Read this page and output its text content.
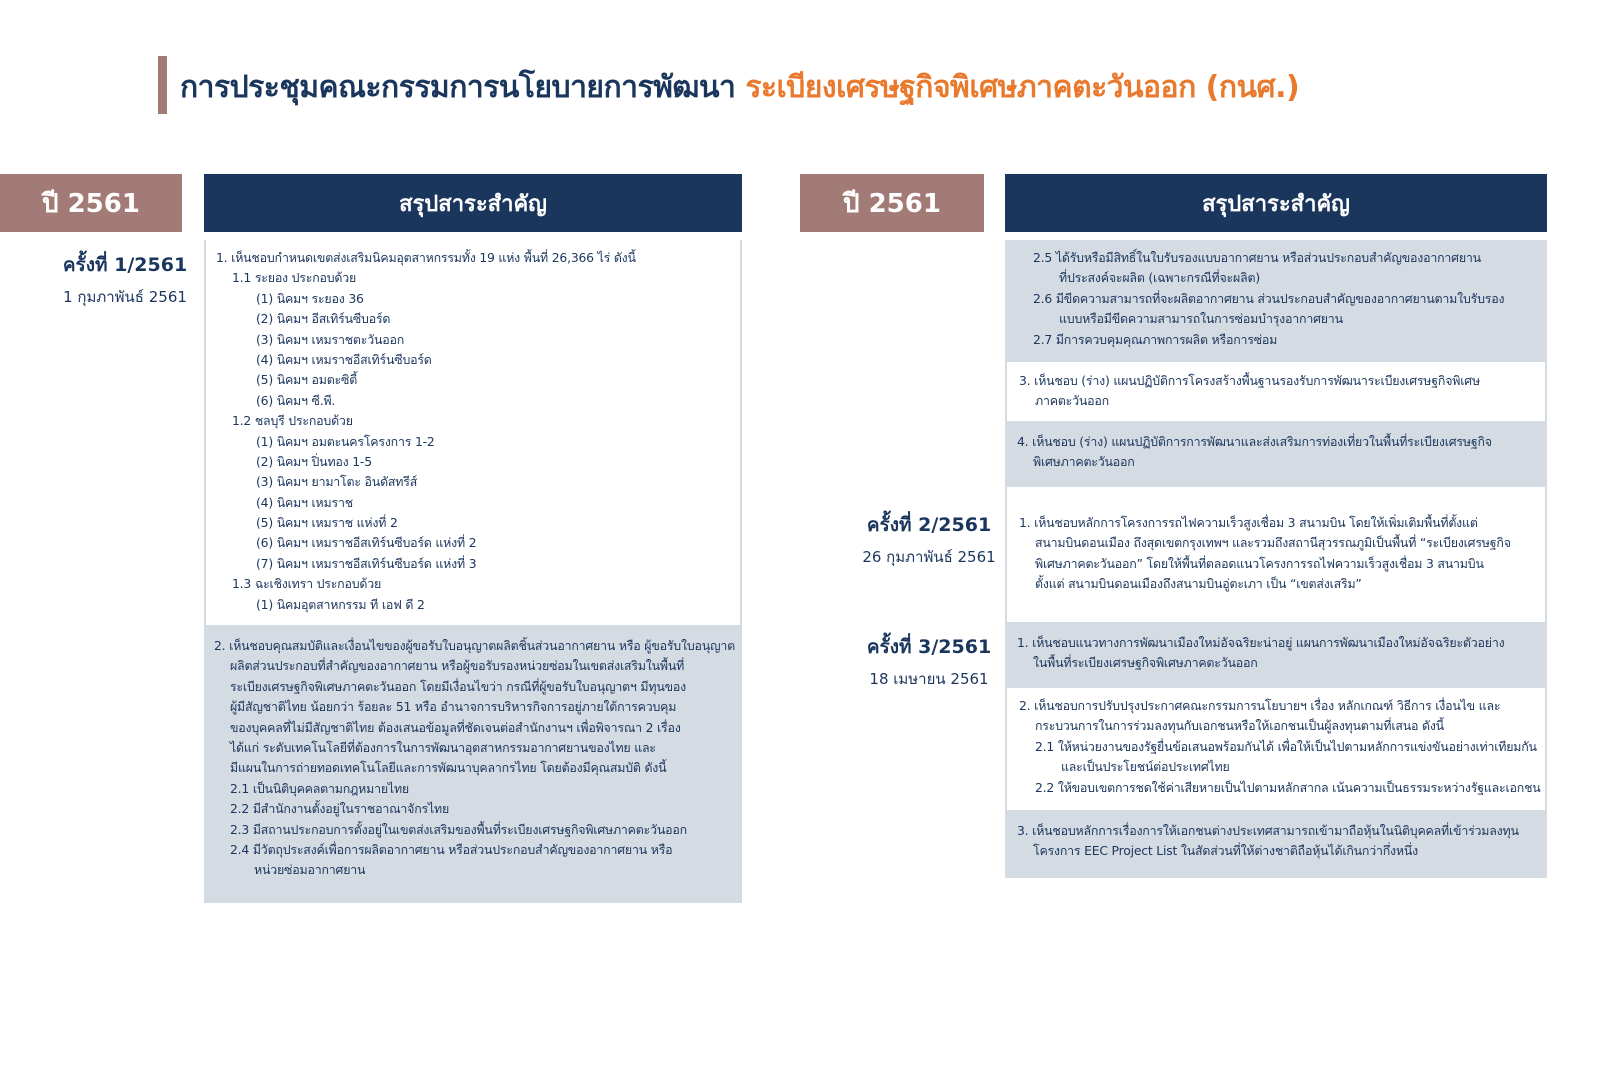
การประชุมคณะกรรมการนโยบายการพัฒนา ระเบียงเศรษฐกิจพิเศษภาคตะวันออก (กนศ.)
ปี 2561	สรุปสาระสำคัญ
ครั้งที่ 1/2561
1 กุมภาพันธ์ 2561
1. เห็นชอบกำหนดเขตส่งเสริมนิคมอุตสาหกรรมทั้ง 19 แห่ง พื้นที่ 26,366 ไร่ ดังนี้
1.1 ระยอง ประกอบด้วย
(1) นิคมฯ ระยอง 36
(2) นิคมฯ อีสเทิร์นซีบอร์ด
(3) นิคมฯ เหมราชตะวันออก
(4) นิคมฯ เหมราชอีสเทิร์นซีบอร์ด
(5) นิคมฯ อมตะซิตี้
(6) นิคมฯ ซี.พี.
1.2 ชลบุรี ประกอบด้วย
(1) นิคมฯ อมตะนครโครงการ 1-2
(2) นิคมฯ ปิ่นทอง 1-5
(3) นิคมฯ ยามาโตะ อินดัสทรีส์
(4) นิคมฯ เหมราช
(5) นิคมฯ เหมราช แห่งที่ 2
(6) นิคมฯ เหมราชอีสเทิร์นซีบอร์ด แห่งที่ 2
(7) นิคมฯ เหมราชอีสเทิร์นซีบอร์ด แห่งที่ 3
1.3 ฉะเชิงเทรา ประกอบด้วย
(1) นิคมอุตสาหกรรม ที เอฟ ดี 2
2. เห็นชอบคุณสมบัติและเงื่อนไขของผู้ขอรับใบอนุญาตผลิตชิ้นส่วนอากาศยาน หรือ ผู้ขอรับใบอนุญาต
ผลิตส่วนประกอบที่สำคัญของอากาศยาน หรือผู้ขอรับรองหน่วยซ่อมในเขตส่งเสริมในพื้นที่
ระเบียงเศรษฐกิจพิเศษภาคตะวันออก โดยมีเงื่อนไขว่า กรณีที่ผู้ขอรับใบอนุญาตฯ มีทุนของ
ผู้มีสัญชาติไทย น้อยกว่า ร้อยละ 51 หรือ อำนาจการบริหารกิจการอยู่ภายใต้การควบคุม
ของบุคคลที่ไม่มีสัญชาติไทย ต้องเสนอข้อมูลที่ชัดเจนต่อสำนักงานฯ เพื่อพิจารณา 2 เรื่อง
ได้แก่ ระดับเทคโนโลยีที่ต้องการในการพัฒนาอุตสาหกรรมอากาศยานของไทย และ
มีแผนในการถ่ายทอดเทคโนโลยีและการพัฒนาบุคลากรไทย โดยต้องมีคุณสมบัติ ดังนี้
2.1 เป็นนิติบุคคลตามกฎหมายไทย
2.2 มีสำนักงานตั้งอยู่ในราชอาณาจักรไทย
2.3 มีสถานประกอบการตั้งอยู่ในเขตส่งเสริมของพื้นที่ระเบียงเศรษฐกิจพิเศษภาคตะวันออก
2.4 มีวัตถุประสงค์เพื่อการผลิตอากาศยาน หรือส่วนประกอบสำคัญของอากาศยาน หรือ
หน่วยซ่อมอากาศยาน
ปี 2561	สรุปสาระสำคัญ
2.5 ได้รับหรือมีสิทธิ์ในใบรับรองแบบอากาศยาน หรือส่วนประกอบสำคัญของอากาศยาน
ที่ประสงค์จะผลิต (เฉพาะกรณีที่จะผลิต)
2.6 มีขีดความสามารถที่จะผลิตอากาศยาน ส่วนประกอบสำคัญของอากาศยานตามใบรับรอง
แบบหรือมีขีดความสามารถในการซ่อมบำรุงอากาศยาน
2.7 มีการควบคุมคุณภาพการผลิต หรือการซ่อม
3. เห็นชอบ (ร่าง) แผนปฏิบัติการโครงสร้างพื้นฐานรองรับการพัฒนาระเบียงเศรษฐกิจพิเศษ
ภาคตะวันออก
4. เห็นชอบ (ร่าง) แผนปฏิบัติการการพัฒนาและส่งเสริมการท่องเที่ยวในพื้นที่ระเบียงเศรษฐกิจ
พิเศษภาคตะวันออก
ครั้งที่ 2/2561
26 กุมภาพันธ์ 2561
1. เห็นชอบหลักการโครงการรถไฟความเร็วสูงเชื่อม 3 สนามบิน โดยให้เพิ่มเติมพื้นที่ตั้งแต่
สนามบินดอนเมือง ถึงสุดเขตกรุงเทพฯ และรวมถึงสถานีสุวรรณภูมิเป็นพื้นที่ “ระเบียงเศรษฐกิจ
พิเศษภาคตะวันออก” โดยให้พื้นที่ตลอดแนวโครงการรถไฟความเร็วสูงเชื่อม 3 สนามบิน
ตั้งแต่ สนามบินดอนเมืองถึงสนามบินอู่ตะเภา เป็น “เขตส่งเสริม”
ครั้งที่ 3/2561
18 เมษายน 2561
1. เห็นชอบแนวทางการพัฒนาเมืองใหม่อัจฉริยะน่าอยู่ แผนการพัฒนาเมืองใหม่อัจฉริยะตัวอย่าง
ในพื้นที่ระเบียงเศรษฐกิจพิเศษภาคตะวันออก
2. เห็นชอบการปรับปรุงประกาศคณะกรรมการนโยบายฯ เรื่อง หลักเกณฑ์ วิธีการ เงื่อนไข และ
กระบวนการในการร่วมลงทุนกับเอกชนหรือให้เอกชนเป็นผู้ลงทุนตามที่เสนอ ดังนี้
2.1 ให้หน่วยงานของรัฐยื่นข้อเสนอพร้อมกันได้ เพื่อให้เป็นไปตามหลักการแข่งขันอย่างเท่าเทียมกัน
และเป็นประโยชน์ต่อประเทศไทย
2.2 ให้ขอบเขตการชดใช้ค่าเสียหายเป็นไปตามหลักสากล เน้นความเป็นธรรมระหว่างรัฐและเอกชน
3. เห็นชอบหลักการเรื่องการให้เอกชนต่างประเทศสามารถเข้ามาถือหุ้นในนิติบุคคลที่เข้าร่วมลงทุน
โครงการ EEC Project List ในสัดส่วนที่ให้ต่างชาติถือหุ้นได้เกินกว่ากึ่งหนึ่ง
